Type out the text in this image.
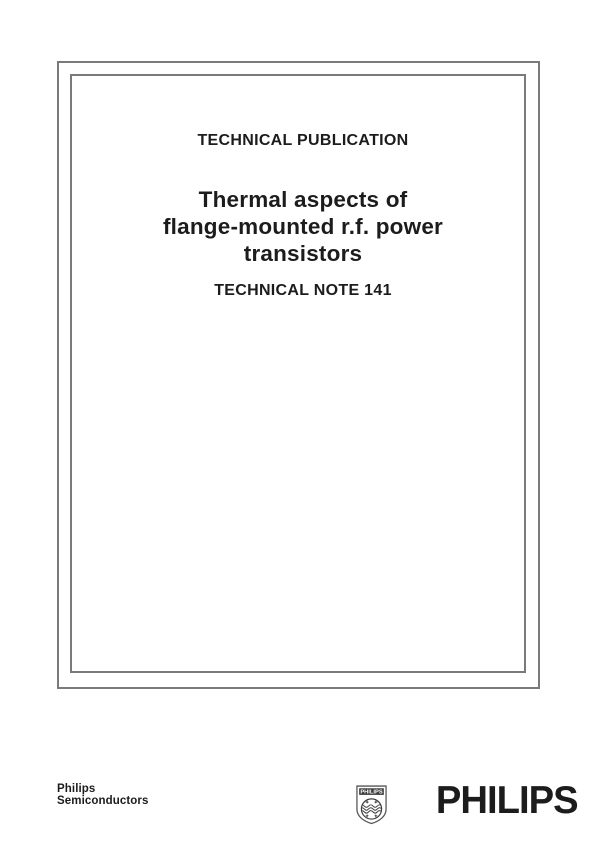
TECHNICAL PUBLICATION
Thermal aspects of
flange-mounted r.f. power
transistors
TECHNICAL NOTE 141
Philips
Semiconductors
PHILIPS PHILIPS
